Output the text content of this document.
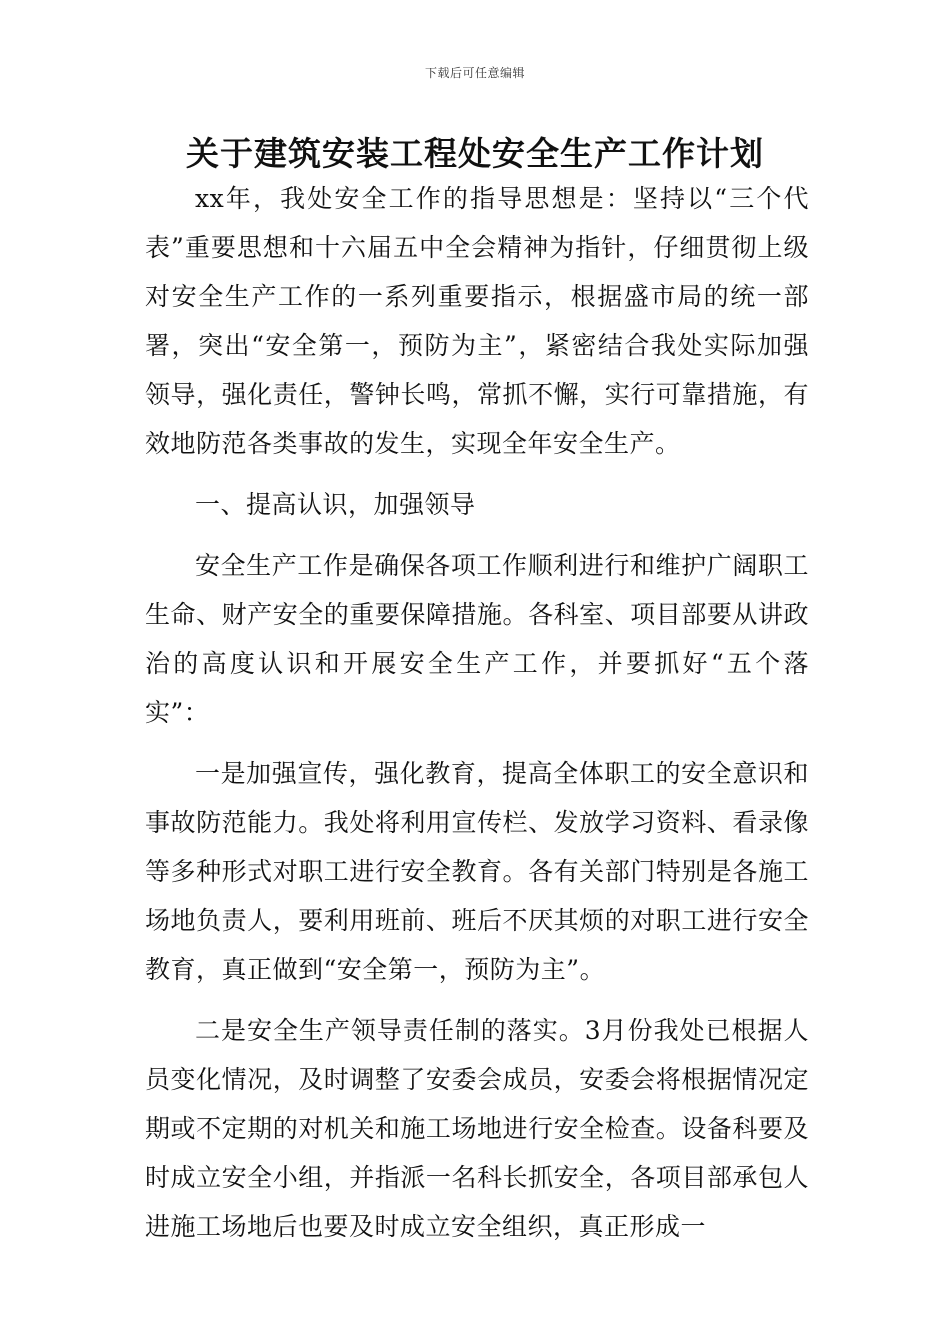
下载后可任意编辑
关于建筑安装工程处安全生产工作计划

xx年，我处安全工作的指导思想是：坚持以“三个代表”重要思想和十六届五中全会精神为指针，仔细贯彻上级对安全生产工作的一系列重要指示，根据盛市局的统一部署，突出“安全第一，预防为主”，紧密结合我处实际加强领导，强化责任，警钟长鸣，常抓不懈，实行可靠措施，有效地防范各类事故的发生，实现全年安全生产。

一、提高认识，加强领导

安全生产工作是确保各项工作顺利进行和维护广阔职工生命、财产安全的重要保障措施。各科室、项目部要从讲政治的高度认识和开展安全生产工作，并要抓好“五个落实”：

一是加强宣传，强化教育，提高全体职工的安全意识和事故防范能力。我处将利用宣传栏、发放学习资料、看录像等多种形式对职工进行安全教育。各有关部门特别是各施工场地负责人，要利用班前、班后不厌其烦的对职工进行安全教育，真正做到“安全第一，预防为主”。

二是安全生产领导责任制的落实。3月份我处已根据人员变化情况，及时调整了安委会成员，安委会将根据情况定期或不定期的对机关和施工场地进行安全检查。设备科要及时成立安全小组，并指派一名科长抓安全，各项目部承包人进施工场地后也要及时成立安全组织，真正形成一
